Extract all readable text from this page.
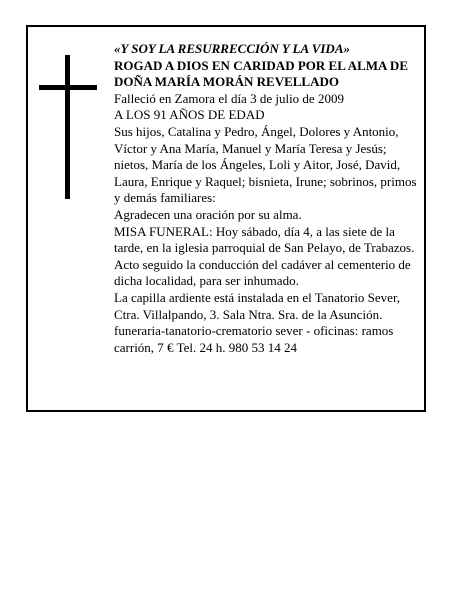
«Y SOY LA RESURRECCIÓN Y LA VIDA»

ROGAD A DIOS EN CARIDAD POR EL ALMA DE DOÑA MARÍA MORÁN REVELLADO

Falleció en Zamora el día 3 de julio de 2009

A LOS 91 AÑOS DE EDAD

Sus hijos, Catalina y Pedro, Ángel, Dolores y Antonio, Víctor y Ana María, Manuel y María Teresa y Jesús; nietos, María de los Ángeles, Loli y Aitor, José, David, Laura, Enrique y Raquel; bisnieta, Irune; sobrinos, primos y demás familiares:

Agradecen una oración por su alma.

MISA FUNERAL: Hoy sábado, día 4, a las siete de la tarde, en la iglesia parroquial de San Pelayo, de Trabazos. Acto seguido la conducción del cadáver al cementerio de dicha localidad, para ser inhumado.

La capilla ardiente está instalada en el Tanatorio Sever, Ctra. Villalpando, 3. Sala Ntra. Sra. de la Asunción.

funeraria-tanatorio-crematorio sever - oficinas: ramos carrión, 7 € Tel. 24 h. 980 53 14 24
